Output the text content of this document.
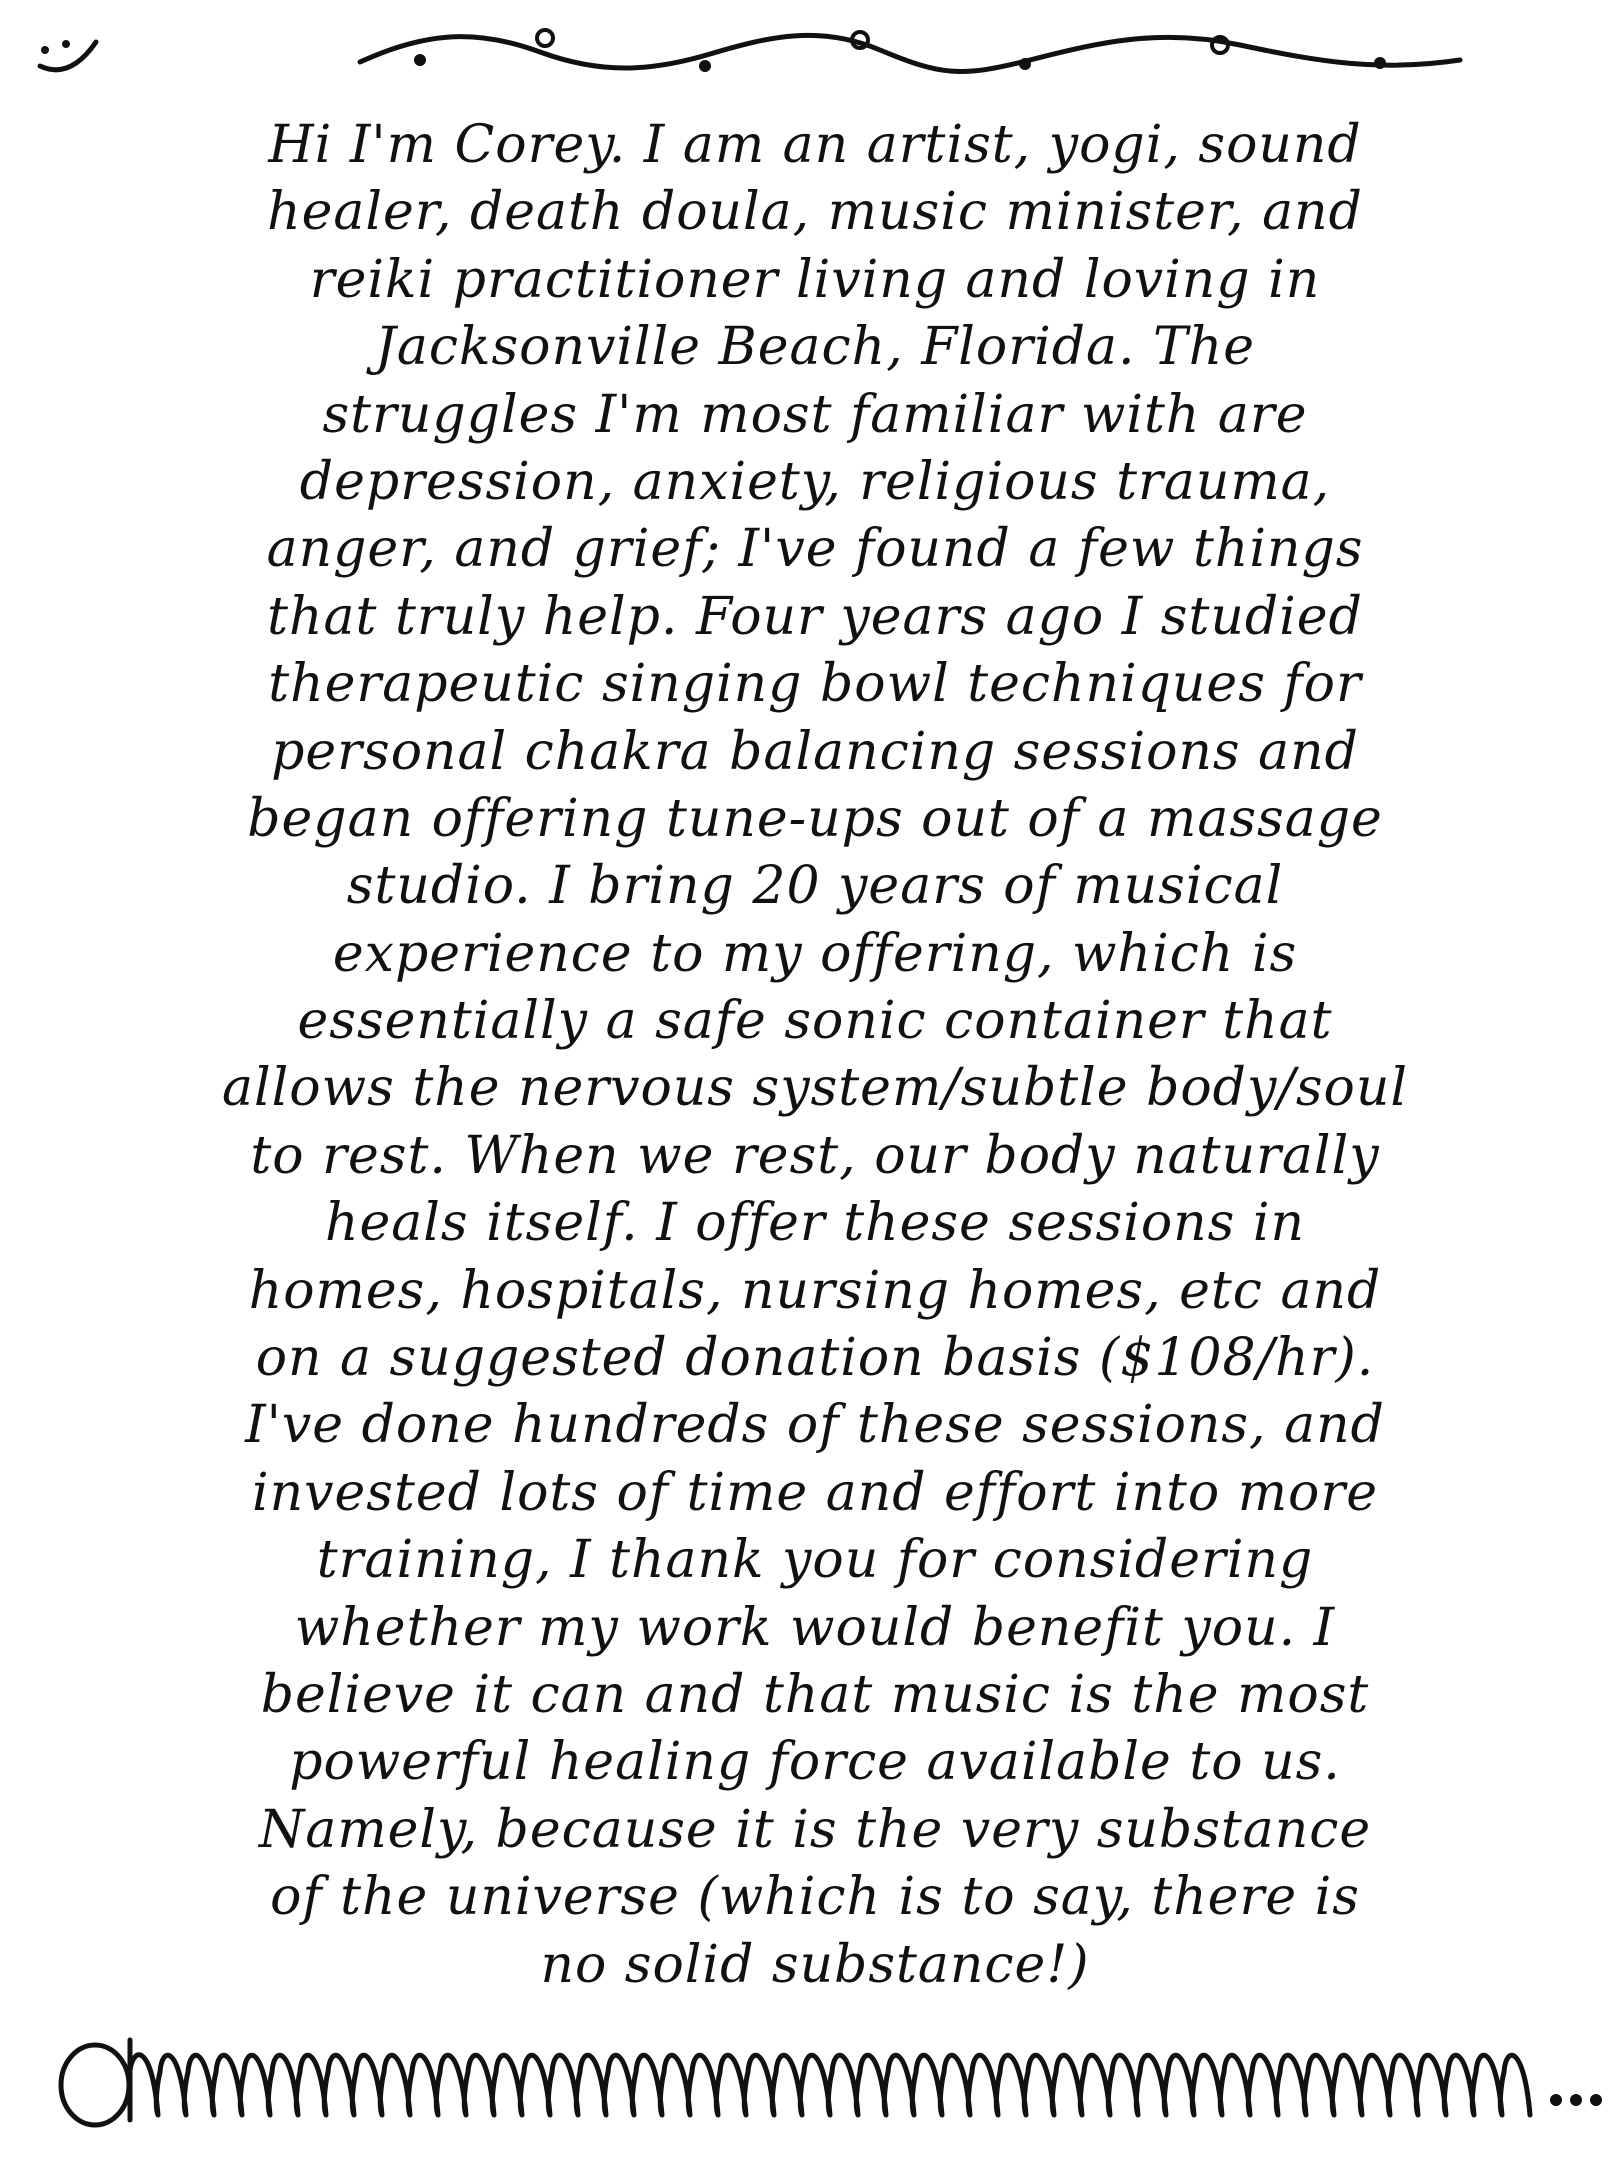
Hi I'm Corey. I am an artist, yogi, sound
healer, death doula, music minister, and
reiki practitioner living and loving in
Jacksonville Beach, Florida. The
struggles I'm most familiar with are
depression, anxiety, religious trauma,
anger, and grief; I've found a few things
that truly help. Four years ago I studied
therapeutic singing bowl techniques for
personal chakra balancing sessions and
began offering tune-ups out of a massage
studio. I bring 20 years of musical
experience to my offering, which is
essentially a safe sonic container that
allows the nervous system/subtle body/soul
to rest. When we rest, our body naturally
heals itself. I offer these sessions in
homes, hospitals, nursing homes, etc and
on a suggested donation basis ($108/hr).
I've done hundreds of these sessions, and
invested lots of time and effort into more
training, I thank you for considering
whether my work would benefit you. I
believe it can and that music is the most
powerful healing force available to us.
Namely, because it is the very substance
of the universe (which is to say, there is
no solid substance!)
